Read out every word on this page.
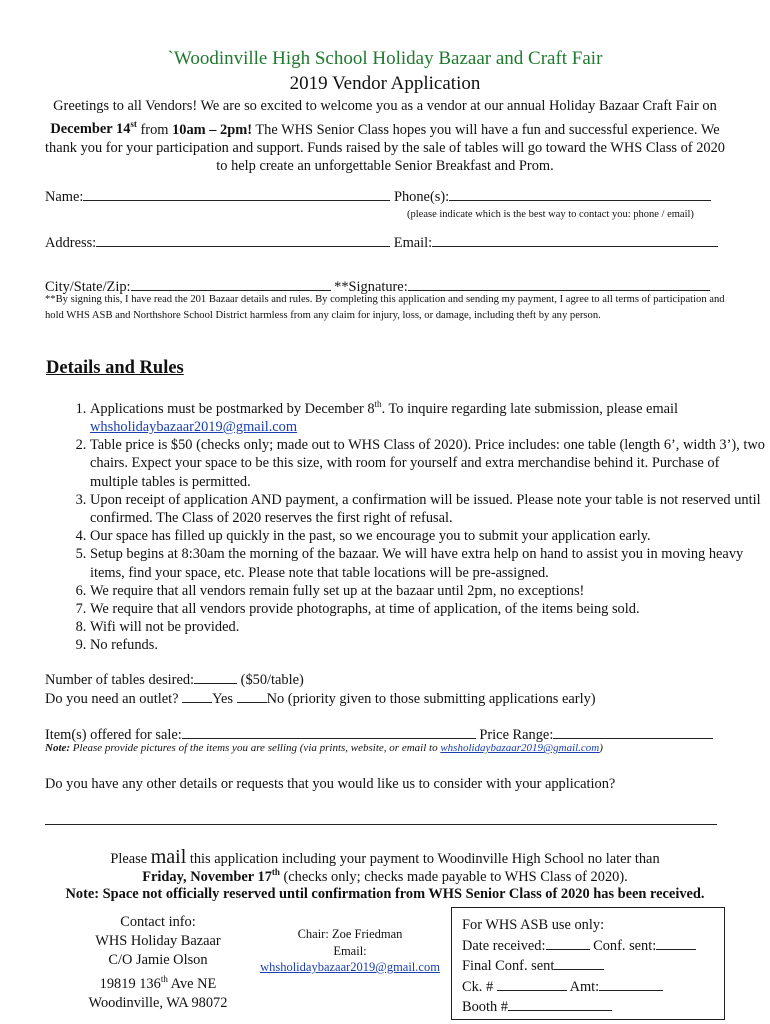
`Woodinville High School Holiday Bazaar and Craft Fair
2019 Vendor Application
Greetings to all Vendors! We are so excited to welcome you as a vendor at our annual Holiday Bazaar Craft Fair on December 14st from 10am – 2pm! The WHS Senior Class hopes you will have a fun and successful experience. We thank you for your participation and support. Funds raised by the sale of tables will go toward the WHS Class of 2020 to help create an unforgettable Senior Breakfast and Prom.
Name:	Phone(s):
(please indicate which is the best way to contact you: phone / email)
Address:	Email:
City/State/Zip:	**Signature:
**By signing this, I have read the 201 Bazaar details and rules. By completing this application and sending my payment, I agree to all terms of participation and hold WHS ASB and Northshore School District harmless from any claim for injury, loss, or damage, including theft by any person.
Details and Rules
1. Applications must be postmarked by December 8th. To inquire regarding late submission, please email
whsholidaybazaar2019@gmail.com
2. Table price is $50 (checks only; made out to WHS Class of 2020). Price includes: one table (length 6’, width 3’), two chairs. Expect your space to be this size, with room for yourself and extra merchandise behind it. Purchase of multiple tables is permitted.
3. Upon receipt of application AND payment, a confirmation will be issued. Please note your table is not reserved until confirmed. The Class of 2020 reserves the first right of refusal.
4. Our space has filled up quickly in the past, so we encourage you to submit your application early.
5. Setup begins at 8:30am the morning of the bazaar. We will have extra help on hand to assist you in moving heavy items, find your space, etc. Please note that table locations will be pre-assigned.
6. We require that all vendors remain fully set up at the bazaar until 2pm, no exceptions!
7. We require that all vendors provide photographs, at time of application, of the items being sold.
8. Wifi will not be provided.
9. No refunds.
Number of tables desired:	($50/table)
Do you need an outlet? Yes No (priority given to those submitting applications early)
Item(s) offered for sale:	Price Range:
Note: Please provide pictures of the items you are selling (via prints, website, or email to whsholidaybazaar2019@gmail.com)
Do you have any other details or requests that you would like us to consider with your application?
Please mail this application including your payment to Woodinville High School no later than
Friday, November 17th (checks only; checks made payable to WHS Class of 2020).
Note: Space not officially reserved until confirmation from WHS Senior Class of 2020 has been received.
Contact info:
WHS Holiday Bazaar
C/O Jamie Olson
19819 136th Ave NE
Woodinville, WA 98072
Chair: Zoe Friedman
Email:
whsholidaybazaar2019@gmail.com
For WHS ASB use only:
Date received:	Conf. sent:
Final Conf. sent
Ck. #	Amt:
Booth #
